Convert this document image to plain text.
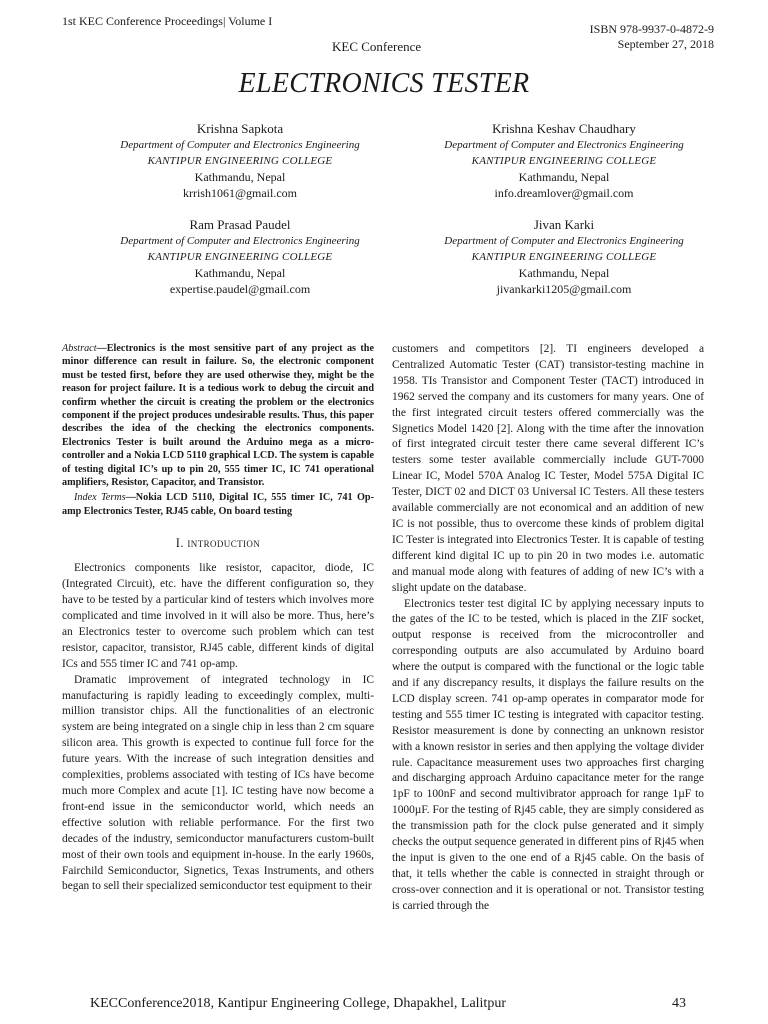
1st KEC Conference Proceedings| Volume I
KEC Conference
ISBN 978-9937-0-4872-9
September 27, 2018
ELECTRONICS TESTER
Krishna Sapkota
Department of Computer and Electronics Engineering
KANTIPUR ENGINEERING COLLEGE
Kathmandu, Nepal
krrish1061@gmail.com
Krishna Keshav Chaudhary
Department of Computer and Electronics Engineering
KANTIPUR ENGINEERING COLLEGE
Kathmandu, Nepal
info.dreamlover@gmail.com
Ram Prasad Paudel
Department of Computer and Electronics Engineering
KANTIPUR ENGINEERING COLLEGE
Kathmandu, Nepal
expertise.paudel@gmail.com
Jivan Karki
Department of Computer and Electronics Engineering
KANTIPUR ENGINEERING COLLEGE
Kathmandu, Nepal
jivankarki1205@gmail.com

Abstract—Electronics is the most sensitive part of any project as the minor difference can result in failure. So, the electronic component must be tested first, before they are used otherwise they, might be the reason for project failure. It is a tedious work to debug the circuit and confirm whether the circuit is creating the problem or the electronics component if the project produces undesirable results. Thus, this paper describes the idea of the checking the electronics components. Electronics Tester is built around the Arduino mega as a micro-controller and a Nokia LCD 5110 graphical LCD. The system is capable of testing digital IC’s up to pin 20, 555 timer IC, IC 741 operational amplifiers, Resistor, Capacitor, and Transistor.

Index Terms—Nokia LCD 5110, Digital IC, 555 timer IC, 741 Op-amp Electronics Tester, RJ45 cable, On board testing

I. introduction

Electronics components like resistor, capacitor, diode, IC (Integrated Circuit), etc. have the different configuration so, they have to be tested by a particular kind of testers which involves more complicated and time involved in it will also be more. Thus, here’s an Electronics tester to overcome such problem which can test resistor, capacitor, transistor, RJ45 cable, different kinds of digital ICs and 555 timer IC and 741 op-amp.

Dramatic improvement of integrated technology in IC manufacturing is rapidly leading to exceedingly complex, multi-million transistor chips. All the functionalities of an electronic system are being integrated on a single chip in less than 2 cm square silicon area. This growth is expected to continue full force for the future years. With the increase of such integration densities and complexities, problems associated with testing of ICs have become much more Complex and acute [1]. IC testing have now become a front-end issue in the semiconductor world, which needs an effective solution with reliable performance. For the first two decades of the industry, semiconductor manufacturers custom-built most of their own tools and equipment in-house. In the early 1960s, Fairchild Semiconductor, Signetics, Texas Instruments, and others began to sell their specialized semiconductor test equipment to their

customers and competitors [2]. TI engineers developed a Centralized Automatic Tester (CAT) transistor-testing machine in 1958. TIs Transistor and Component Tester (TACT) introduced in 1962 served the company and its customers for many years. One of the first integrated circuit testers offered commercially was the Signetics Model 1420 [2]. Along with the time after the innovation of first integrated circuit tester there came several different IC’s testers some tester available commercially include GUT-7000 Linear IC, Model 570A Analog IC Tester, Model 575A Digital IC Tester, DICT 02 and DICT 03 Universal IC Testers. All these testers available commercially are not economical and an addition of new IC is not possible, thus to overcome these kinds of problem digital IC Tester is integrated into Electronics Tester. It is capable of testing different kind digital IC up to pin 20 in two modes i.e. automatic and manual mode along with features of adding of new IC’s with a slight update on the database.

Electronics tester test digital IC by applying necessary inputs to the gates of the IC to be tested, which is placed in the ZIF socket, output response is received from the microcontroller and corresponding outputs are also accumulated by Arduino board where the output is compared with the functional or the logic table and if any discrepancy results, it displays the failure results on the LCD display screen. 741 op-amp operates in comparator mode for testing and 555 timer IC testing is integrated with capacitor testing. Resistor measurement is done by connecting an unknown resistor with a known resistor in series and then applying the voltage divider rule. Capacitance measurement uses two approaches first charging and discharging approach Arduino capacitance meter for the range 1pF to 100nF and second multivibrator approach for range 1µF to 1000µF. For the testing of Rj45 cable, they are simply considered as the transmission path for the clock pulse generated and it simply checks the output sequence generated in different pins of Rj45 when the input is given to the one end of a Rj45 cable. On the basis of that, it tells whether the cable is connected in straight through or cross-over connection and it is operational or not. Transistor testing is carried through the

KECConference2018, Kantipur Engineering College, Dhapakhel, Lalitpur	43
